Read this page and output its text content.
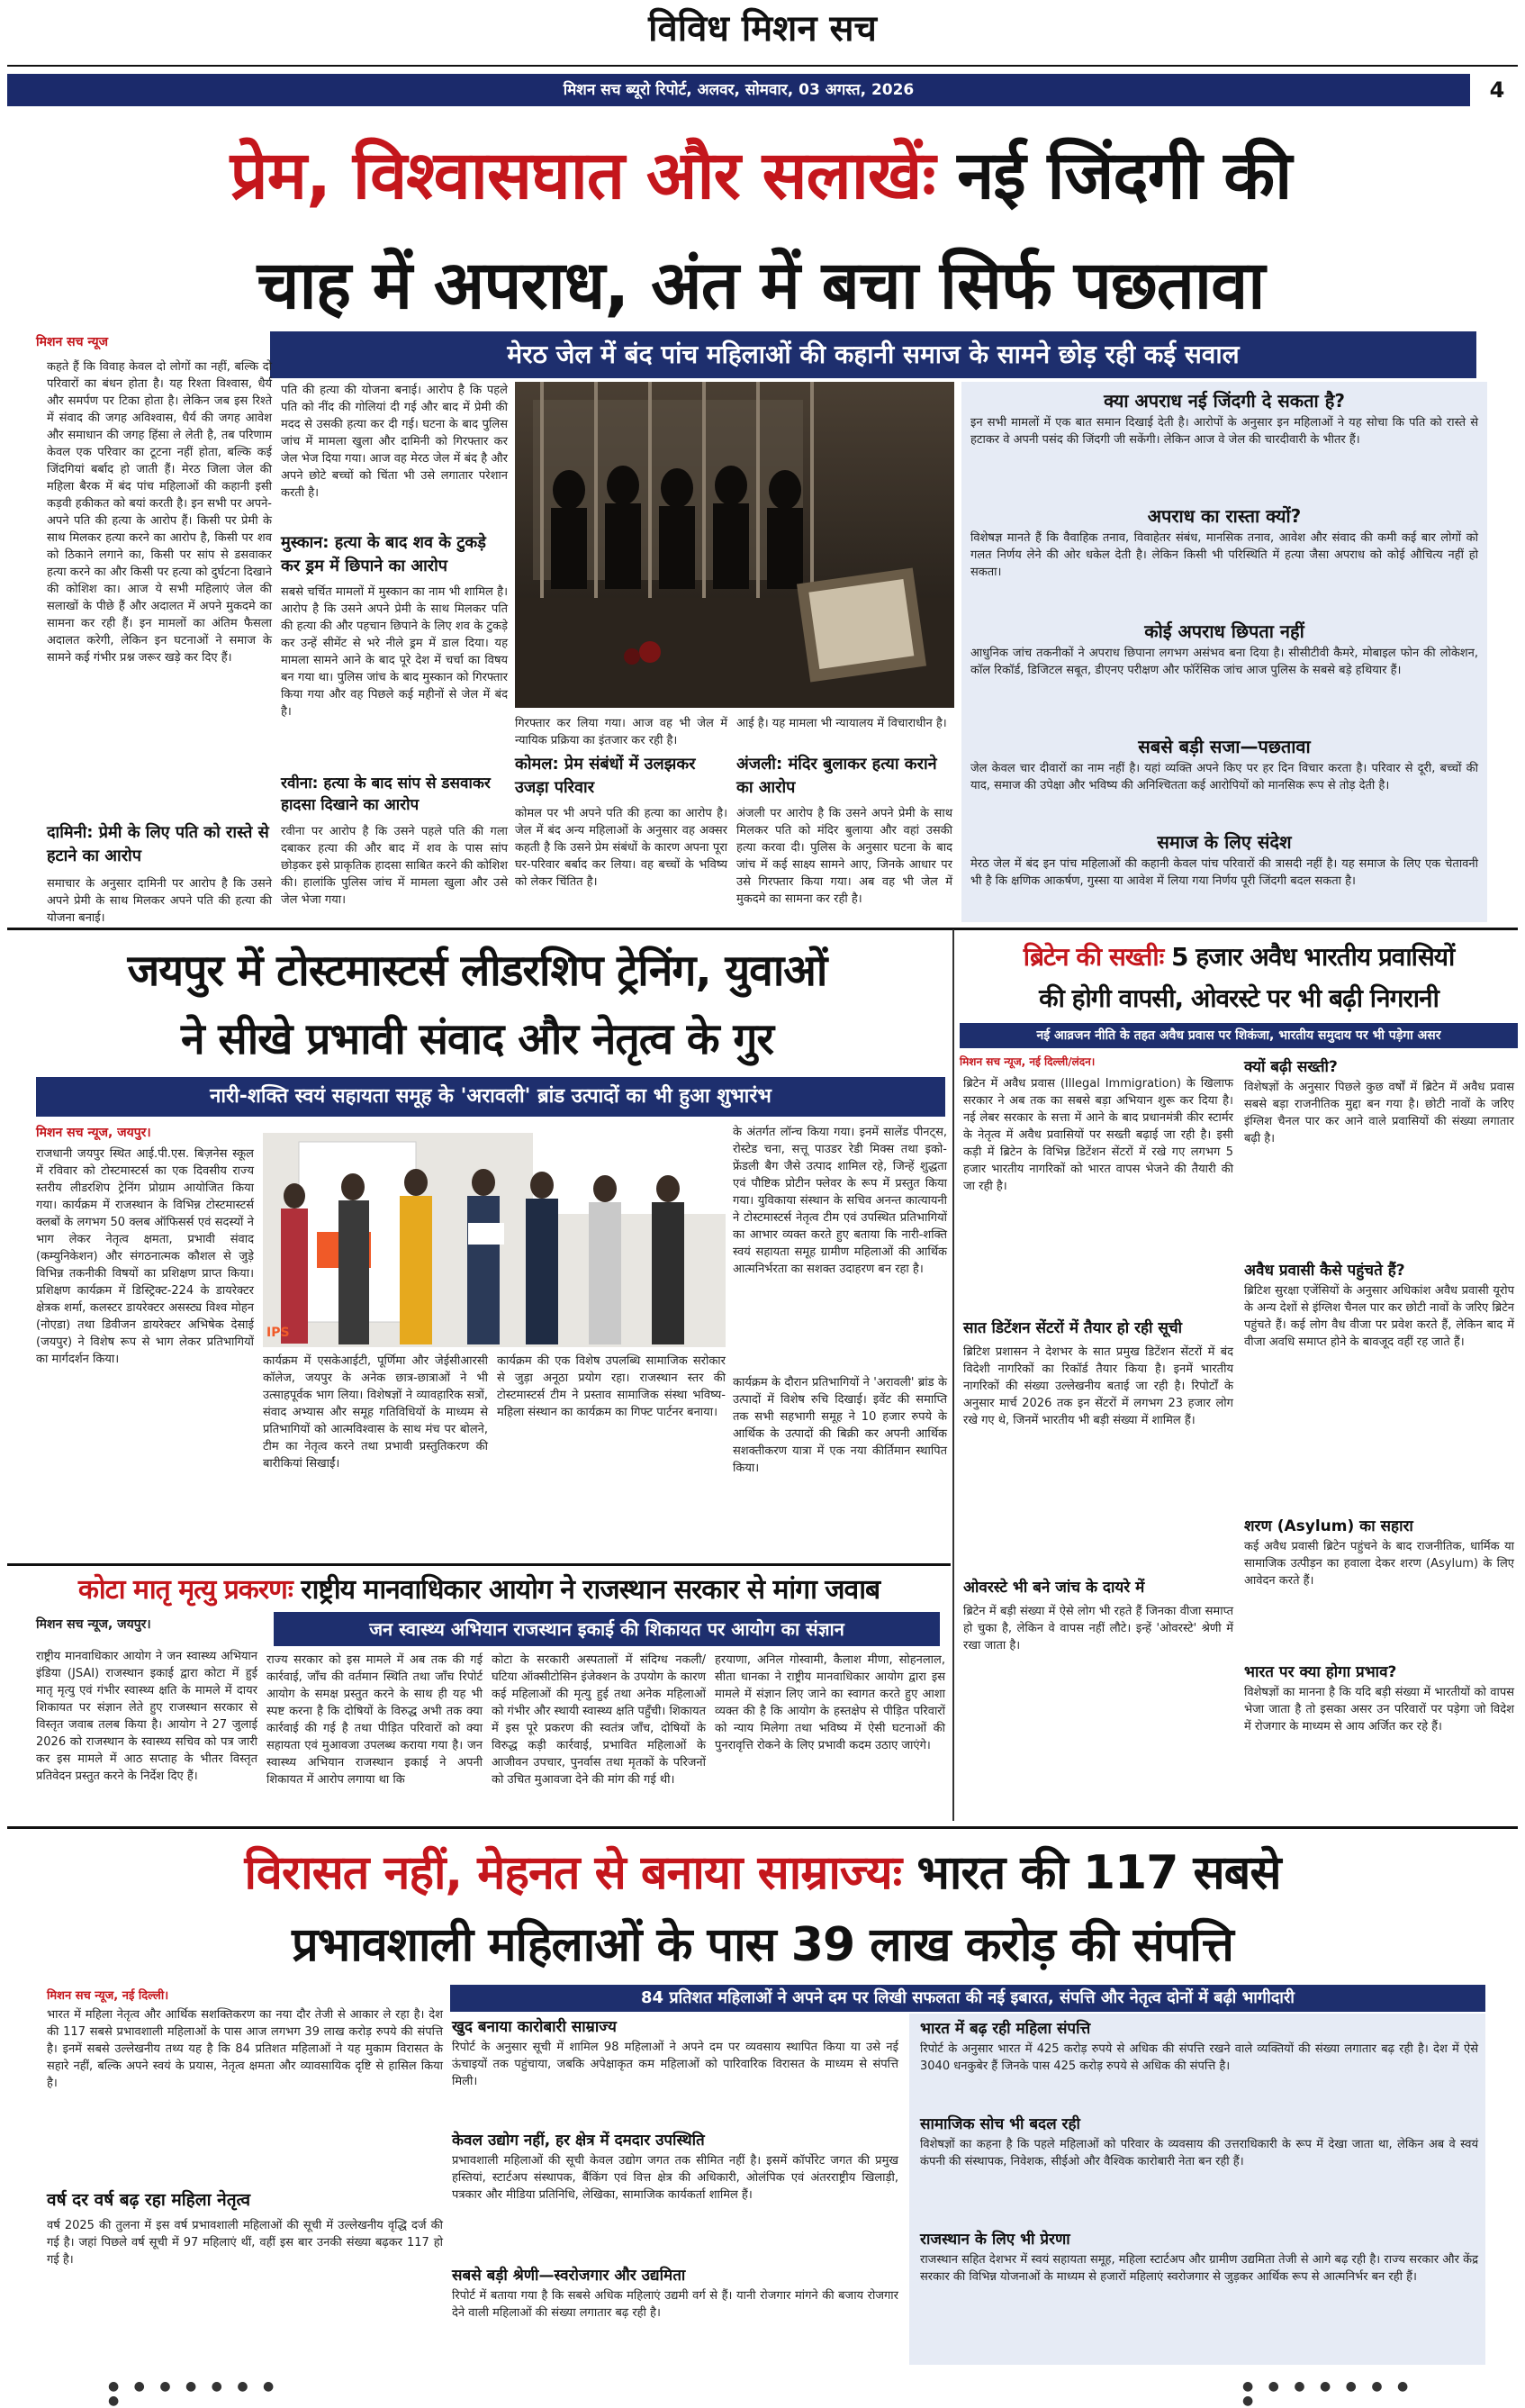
विविध मिशन सच
मिशन सच ब्यूरो रिपोर्ट, अलवर, सोमवार, 03 अगस्त, 2026	4
प्रेम, विश्वासघात और सलाखेंः नई जिंदगी की
चाह में अपराध, अंत में बचा सिर्फ पछतावा
मिशन सच न्यूज	मेरठ जेल में बंद पांच महिलाओं की कहानी समाज के सामने छोड़ रही कई सवाल
कहते हैं कि विवाह केवल दो लोगों का नहीं, बल्कि दो परिवारों का बंधन होता है। यह रिश्ता विश्वास, धैर्य और समर्पण पर टिका होता है। लेकिन जब इस रिश्ते में संवाद की जगह अविश्वास, धैर्य की जगह आवेश और समाधान की जगह हिंसा ले लेती है, तब परिणाम केवल एक परिवार का टूटना नहीं होता, बल्कि कई जिंदगियां बर्बाद हो जाती हैं। मेरठ जिला जेल की महिला बैरक में बंद पांच महिलाओं की कहानी इसी कड़वी हकीकत को बयां करती है। इन सभी पर अपने-अपने पति की हत्या के आरोप हैं। किसी पर प्रेमी के साथ मिलकर हत्या करने का आरोप है, किसी पर शव को ठिकाने लगाने का, किसी पर सांप से डसवाकर हत्या करने का और किसी पर हत्या को दुर्घटना दिखाने की कोशिश का। आज ये सभी महिलाएं जेल की सलाखों के पीछे हैं और अदालत में अपने मुकदमे का सामना कर रही हैं। इन मामलों का अंतिम फैसला अदालत करेगी, लेकिन इन घटनाओं ने समाज के सामने कई गंभीर प्रश्न जरूर खड़े कर दिए हैं।
दामिनी: प्रेमी के लिए पति को रास्ते से हटाने का आरोप
समाचार के अनुसार दामिनी पर आरोप है कि उसने अपने प्रेमी के साथ मिलकर अपने पति की हत्या की योजना बनाई।
पति की हत्या की योजना बनाई। आरोप है कि पहले पति को नींद की गोलियां दी गई और बाद में प्रेमी की मदद से उसकी हत्या कर दी गई। घटना के बाद पुलिस जांच में मामला खुला और दामिनी को गिरफ्तार कर जेल भेज दिया गया। आज वह मेरठ जेल में बंद है और अपने छोटे बच्चों को चिंता भी उसे लगातार परेशान करती है।
मुस्कान: हत्या के बाद शव के टुकड़े कर ड्रम में छिपाने का आरोप
सबसे चर्चित मामलों में मुस्कान का नाम भी शामिल है। आरोप है कि उसने अपने प्रेमी के साथ मिलकर पति की हत्या की और पहचान छिपाने के लिए शव के टुकड़े कर उन्हें सीमेंट से भरे नीले ड्रम में डाल दिया। यह मामला सामने आने के बाद पूरे देश में चर्चा का विषय बन गया था। पुलिस जांच के बाद मुस्कान को गिरफ्तार किया गया और वह पिछले कई महीनों से जेल में बंद है।
रवीना: हत्या के बाद सांप से डसवाकर हादसा दिखाने का आरोप
रवीना पर आरोप है कि उसने पहले पति की गला दबाकर हत्या की और बाद में शव के पास सांप छोड़कर इसे प्राकृतिक हादसा साबित करने की कोशिश की। हालांकि पुलिस जांच में मामला खुला और उसे जेल भेजा गया।
गिरफ्तार कर लिया गया। आज वह भी जेल में न्यायिक प्रक्रिया का इंतजार कर रही है।
कोमल: प्रेम संबंधों में उलझकर उजड़ा परिवार
कोमल पर भी अपने पति की हत्या का आरोप है। जेल में बंद अन्य महिलाओं के अनुसार वह अक्सर कहती है कि उसने प्रेम संबंधों के कारण अपना पूरा घर-परिवार बर्बाद कर लिया। वह बच्चों के भविष्य को लेकर चिंतित है।
आई है। यह मामला भी न्यायालय में विचाराधीन है।
अंजली: मंदिर बुलाकर हत्या कराने का आरोप
अंजली पर आरोप है कि उसने अपने प्रेमी के साथ मिलकर पति को मंदिर बुलाया और वहां उसकी हत्या करवा दी। पुलिस के अनुसार घटना के बाद जांच में कई साक्ष्य सामने आए, जिनके आधार पर उसे गिरफ्तार किया गया। अब वह भी जेल में मुकदमे का सामना कर रही है।
क्या अपराध नई जिंदगी दे सकता है?
इन सभी मामलों में एक बात समान दिखाई देती है। आरोपों के अनुसार इन महिलाओं ने यह सोचा कि पति को रास्ते से हटाकर वे अपनी पसंद की जिंदगी जी सकेंगी। लेकिन आज वे जेल की चारदीवारी के भीतर हैं।
अपराध का रास्ता क्यों?
विशेषज्ञ मानते हैं कि वैवाहिक तनाव, विवाहेतर संबंध, मानसिक तनाव, आवेश और संवाद की कमी कई बार लोगों को गलत निर्णय लेने की ओर धकेल देती है। लेकिन किसी भी परिस्थिति में हत्या जैसा अपराध को कोई औचित्य नहीं हो सकता।
कोई अपराध छिपता नहीं
आधुनिक जांच तकनीकों ने अपराध छिपाना लगभग असंभव बना दिया है। सीसीटीवी कैमरे, मोबाइल फोन की लोकेशन, कॉल रिकॉर्ड, डिजिटल सबूत, डीएनए परीक्षण और फॉरेंसिक जांच आज पुलिस के सबसे बड़े हथियार हैं।
सबसे बड़ी सजा—पछतावा
जेल केवल चार दीवारों का नाम नहीं है। यहां व्यक्ति अपने किए पर हर दिन विचार करता है। परिवार से दूरी, बच्चों की याद, समाज की उपेक्षा और भविष्य की अनिश्चितता कई आरोपियों को मानसिक रूप से तोड़ देती है।
समाज के लिए संदेश
मेरठ जेल में बंद इन पांच महिलाओं की कहानी केवल पांच परिवारों की त्रासदी नहीं है। यह समाज के लिए एक चेतावनी भी है कि क्षणिक आकर्षण, गुस्सा या आवेश में लिया गया निर्णय पूरी जिंदगी बदल सकता है।
जयपुर में टोस्टमास्टर्स लीडरशिप ट्रेनिंग, युवाओं
ने सीखे प्रभावी संवाद और नेतृत्व के गुर
नारी-शक्ति स्वयं सहायता समूह के 'अरावली' ब्रांड उत्पादों का भी हुआ शुभारंभ
मिशन सच न्यूज, जयपुर।
राजधानी जयपुर स्थित आई.पी.एस. बिज़नेस स्कूल में रविवार को टोस्टमास्टर्स का एक दिवसीय राज्य स्तरीय लीडरशिप ट्रेनिंग प्रोग्राम आयोजित किया गया। कार्यक्रम में राजस्थान के विभिन्न टोस्टमास्टर्स क्लबों के लगभग 50 क्लब ऑफिसर्स एवं सदस्यों ने भाग लेकर नेतृत्व क्षमता, प्रभावी संवाद (कम्युनिकेशन) और संगठनात्मक कौशल से जुड़े विभिन्न तकनीकी विषयों का प्रशिक्षण प्राप्त किया। प्रशिक्षण कार्यक्रम में डिस्ट्रिक्ट-224 के डायरेक्टर क्षेत्रक शर्मा, कलस्टर डायरेक्टर असस्ट्य विश्व मोहन (नोएडा) तथा डिवीजन डायरेक्टर अभिषेक देसाई (जयपुर) ने विशेष रूप से भाग लेकर प्रतिभागियों का मार्गदर्शन किया।
IPS
कार्यक्रम में एसकेआईटी, पूर्णिमा और जेईसीआरसी कॉलेज, जयपुर के अनेक छात्र-छात्राओं ने भी उत्साहपूर्वक भाग लिया। विशेषज्ञों ने व्यावहारिक सत्रों, संवाद अभ्यास और समूह गतिविधियों के माध्यम से प्रतिभागियों को आत्मविश्वास के साथ मंच पर बोलने, टीम का नेतृत्व करने तथा प्रभावी प्रस्तुतिकरण की बारीकियां सिखाईं।
कार्यक्रम की एक विशेष उपलब्धि सामाजिक सरोकार से जुड़ा अनूठा प्रयोग रहा। राजस्थान स्तर की टोस्टमास्टर्स टीम ने प्रस्ताव सामाजिक संस्था भविष्य-महिला संस्थान का कार्यक्रम का गिफ्ट पार्टनर बनाया।
के अंतर्गत लॉन्च किया गया। इनमें सालेंड पीनट्स, रोस्टेड चना, सत्तू पाउडर रेडी मिक्स तथा इको-फ्रेंडली बैग जैसे उत्पाद शामिल रहे, जिन्हें शुद्धता एवं पौष्टिक प्रोटीन फ्लेवर के रूप में प्रस्तुत किया गया। युविकाया संस्थान के सचिव अनन्त कात्यायनी ने टोस्टमास्टर्स नेतृत्व टीम एवं उपस्थित प्रतिभागियों का आभार व्यक्त करते हुए बताया कि नारी-शक्ति स्वयं सहायता समूह ग्रामीण महिलाओं की आर्थिक आत्मनिर्भरता का सशक्त उदाहरण बन रहा है।
कार्यक्रम के दौरान प्रतिभागियों ने 'अरावली' ब्रांड के उत्पादों में विशेष रुचि दिखाई। इवेंट की समाप्ति तक सभी सहभागी समूह ने 10 हजार रुपये के आर्थिक के उत्पादों की बिक्री कर अपनी आर्थिक सशक्तीकरण यात्रा में एक नया कीर्तिमान स्थापित किया।
कोटा मातृ मृत्यु प्रकरणः राष्ट्रीय मानवाधिकार आयोग ने राजस्थान सरकार से मांगा जवाब
मिशन सच न्यूज, जयपुर।	जन स्वास्थ्य अभियान राजस्थान इकाई की शिकायत पर आयोग का संज्ञान
राष्ट्रीय मानवाधिकार आयोग ने जन स्वास्थ्य अभियान इंडिया (JSAI) राजस्थान इकाई द्वारा कोटा में हुई मातृ मृत्यु एवं गंभीर स्वास्थ्य क्षति के मामले में दायर शिकायत पर संज्ञान लेते हुए राजस्थान सरकार से विस्तृत जवाब तलब किया है। आयोग ने 27 जुलाई 2026 को राजस्थान के स्वास्थ्य सचिव को पत्र जारी कर इस मामले में आठ सप्ताह के भीतर विस्तृत प्रतिवेदन प्रस्तुत करने के निर्देश दिए हैं।
राज्य सरकार को इस मामले में अब तक की गई कार्रवाई, जाँच की वर्तमान स्थिति तथा जाँच रिपोर्ट आयोग के समक्ष प्रस्तुत करने के साथ ही यह भी स्पष्ट करना है कि दोषियों के विरुद्ध अभी तक क्या कार्रवाई की गई है तथा पीड़ित परिवारों को क्या सहायता एवं मुआवजा उपलब्ध कराया गया है। जन स्वास्थ्य अभियान राजस्थान इकाई ने अपनी शिकायत में आरोप लगाया था कि
कोटा के सरकारी अस्पतालों में संदिग्ध नकली/घटिया ऑक्सीटोसिन इंजेक्शन के उपयोग के कारण कई महिलाओं की मृत्यु हुई तथा अनेक महिलाओं को गंभीर और स्थायी स्वास्थ्य क्षति पहुँची। शिकायत में इस पूरे प्रकरण की स्वतंत्र जाँच, दोषियों के विरुद्ध कड़ी कार्रवाई, प्रभावित महिलाओं के आजीवन उपचार, पुनर्वास तथा मृतकों के परिजनों को उचित मुआवजा देने की मांग की गई थी।
हरयाणा, अनिल गोस्वामी, कैलाश मीणा, सोहनलाल, सीता धानका ने राष्ट्रीय मानवाधिकार आयोग द्वारा इस मामले में संज्ञान लिए जाने का स्वागत करते हुए आशा व्यक्त की है कि आयोग के हस्तक्षेप से पीड़ित परिवारों को न्याय मिलेगा तथा भविष्य में ऐसी घटनाओं की पुनरावृत्ति रोकने के लिए प्रभावी कदम उठाए जाएंगे।
ब्रिटेन की सख्तीः 5 हजार अवैध भारतीय प्रवासियों
की होगी वापसी, ओवरस्टे पर भी बढ़ी निगरानी
नई आव्रजन नीति के तहत अवैध प्रवास पर शिकंजा, भारतीय समुदाय पर भी पड़ेगा असर
मिशन सच न्यूज, नई दिल्ली/लंदन।
ब्रिटेन में अवैध प्रवास (Illegal Immigration) के खिलाफ सरकार ने अब तक का सबसे बड़ा अभियान शुरू कर दिया है। नई लेबर सरकार के सत्ता में आने के बाद प्रधानमंत्री कीर स्टार्मर के नेतृत्व में अवैध प्रवासियों पर सख्ती बढ़ाई जा रही है। इसी कड़ी में ब्रिटेन के विभिन्न डिटेंशन सेंटरों में रखे गए लगभग 5 हजार भारतीय नागरिकों को भारत वापस भेजने की तैयारी की जा रही है।
सात डिटेंशन सेंटरों में तैयार हो रही सूची
ब्रिटिश प्रशासन ने देशभर के सात प्रमुख डिटेंशन सेंटरों में बंद विदेशी नागरिकों का रिकॉर्ड तैयार किया है। इनमें भारतीय नागरिकों की संख्या उल्लेखनीय बताई जा रही है। रिपोर्टों के अनुसार मार्च 2026 तक इन सेंटरों में लगभग 23 हजार लोग रखे गए थे, जिनमें भारतीय भी बड़ी संख्या में शामिल हैं।
ओवरस्टे भी बने जांच के दायरे में
ब्रिटेन में बड़ी संख्या में ऐसे लोग भी रहते हैं जिनका वीजा समाप्त हो चुका है, लेकिन वे वापस नहीं लौटे। इन्हें 'ओवरस्टे' श्रेणी में रखा जाता है।
क्यों बढ़ी सख्ती?
विशेषज्ञों के अनुसार पिछले कुछ वर्षों में ब्रिटेन में अवैध प्रवास सबसे बड़ा राजनीतिक मुद्दा बन गया है। छोटी नावों के जरिए इंग्लिश चैनल पार कर आने वाले प्रवासियों की संख्या लगातार बढ़ी है।
अवैध प्रवासी कैसे पहुंचते हैं?
ब्रिटिश सुरक्षा एजेंसियों के अनुसार अधिकांश अवैध प्रवासी यूरोप के अन्य देशों से इंग्लिश चैनल पार कर छोटी नावों के जरिए ब्रिटेन पहुंचते हैं। कई लोग वैध वीजा पर प्रवेश करते हैं, लेकिन बाद में वीजा अवधि समाप्त होने के बावजूद वहीं रह जाते हैं।
शरण (Asylum) का सहारा
कई अवैध प्रवासी ब्रिटेन पहुंचने के बाद राजनीतिक, धार्मिक या सामाजिक उत्पीड़न का हवाला देकर शरण (Asylum) के लिए आवेदन करते हैं।
भारत पर क्या होगा प्रभाव?
विशेषज्ञों का मानना है कि यदि बड़ी संख्या में भारतीयों को वापस भेजा जाता है तो इसका असर उन परिवारों पर पड़ेगा जो विदेश में रोजगार के माध्यम से आय अर्जित कर रहे हैं।
विरासत नहीं, मेहनत से बनाया साम्राज्यः भारत की 117 सबसे
प्रभावशाली महिलाओं के पास 39 लाख करोड़ की संपत्ति
मिशन सच न्यूज, नई दिल्ली।	84 प्रतिशत महिलाओं ने अपने दम पर लिखी सफलता की नई इबारत, संपत्ति और नेतृत्व दोनों में बढ़ी भागीदारी
भारत में महिला नेतृत्व और आर्थिक सशक्तिकरण का नया दौर तेजी से आकार ले रहा है। देश की 117 सबसे प्रभावशाली महिलाओं के पास आज लगभग 39 लाख करोड़ रुपये की संपत्ति है। इनमें सबसे उल्लेखनीय तथ्य यह है कि 84 प्रतिशत महिलाओं ने यह मुकाम विरासत के सहारे नहीं, बल्कि अपने स्वयं के प्रयास, नेतृत्व क्षमता और व्यावसायिक दृष्टि से हासिल किया है।
वर्ष दर वर्ष बढ़ रहा महिला नेतृत्व
वर्ष 2025 की तुलना में इस वर्ष प्रभावशाली महिलाओं की सूची में उल्लेखनीय वृद्धि दर्ज की गई है। जहां पिछले वर्ष सूची में 97 महिलाएं थीं, वहीं इस बार उनकी संख्या बढ़कर 117 हो गई है।
खुद बनाया कारोबारी साम्राज्य
रिपोर्ट के अनुसार सूची में शामिल 98 महिलाओं ने अपने दम पर व्यवसाय स्थापित किया या उसे नई ऊंचाइयों तक पहुंचाया, जबकि अपेक्षाकृत कम महिलाओं को पारिवारिक विरासत के माध्यम से संपत्ति मिली।
केवल उद्योग नहीं, हर क्षेत्र में दमदार उपस्थिति
प्रभावशाली महिलाओं की सूची केवल उद्योग जगत तक सीमित नहीं है। इसमें कॉर्पोरेट जगत की प्रमुख हस्तियां, स्टार्टअप संस्थापक, बैंकिंग एवं वित्त क्षेत्र की अधिकारी, ओलंपिक एवं अंतरराष्ट्रीय खिलाड़ी, पत्रकार और मीडिया प्रतिनिधि, लेखिका, सामाजिक कार्यकर्ता शामिल हैं।
सबसे बड़ी श्रेणी—स्वरोजगार और उद्यमिता
रिपोर्ट में बताया गया है कि सबसे अधिक महिलाएं उद्यमी वर्ग से हैं। यानी रोजगार मांगने की बजाय रोजगार देने वाली महिलाओं की संख्या लगातार बढ़ रही है।
भारत में बढ़ रही महिला संपत्ति
रिपोर्ट के अनुसार भारत में 425 करोड़ रुपये से अधिक की संपत्ति रखने वाले व्यक्तियों की संख्या लगातार बढ़ रही है। देश में ऐसे 3040 धनकुबेर हैं जिनके पास 425 करोड़ रुपये से अधिक की संपत्ति है।
सामाजिक सोच भी बदल रही
विशेषज्ञों का कहना है कि पहले महिलाओं को परिवार के व्यवसाय की उत्तराधिकारी के रूप में देखा जाता था, लेकिन अब वे स्वयं कंपनी की संस्थापक, निवेशक, सीईओ और वैश्विक कारोबारी नेता बन रही हैं।
राजस्थान के लिए भी प्रेरणा
राजस्थान सहित देशभर में स्वयं सहायता समूह, महिला स्टार्टअप और ग्रामीण उद्यमिता तेजी से आगे बढ़ रही है। राज्य सरकार और केंद्र सरकार की विभिन्न योजनाओं के माध्यम से हजारों महिलाएं स्वरोजगार से जुड़कर आर्थिक रूप से आत्मनिर्भर बन रही हैं।
● ● ● ● ● ● ● ●
● ● ● ● ● ● ● ●
